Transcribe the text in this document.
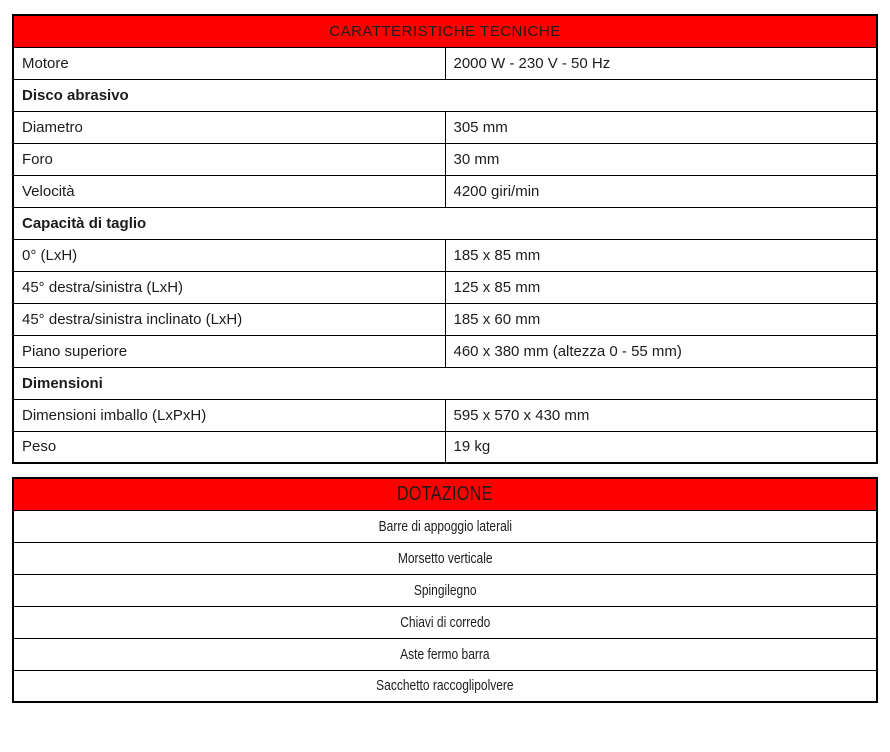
CARATTERISTICHE TECNICHE	
Motore	2000 W - 230 V - 50 Hz
Disco abrasivo	
Diametro	305 mm
Foro	30 mm
Velocità	4200 giri/min
Capacità di taglio	
0° (LxH)	185 x 85 mm
45° destra/sinistra (LxH)	125 x 85 mm
45° destra/sinistra inclinato (LxH)	185 x 60 mm
Piano superiore	460 x 380 mm (altezza 0 - 55 mm)
Dimensioni	
Dimensioni imballo (LxPxH)	595 x 570 x 430 mm
Peso	19 kg
DOTAZIONE
Barre di appoggio laterali
Morsetto verticale
Spingilegno
Chiavi di corredo
Aste fermo barra
Sacchetto raccoglipolvere
